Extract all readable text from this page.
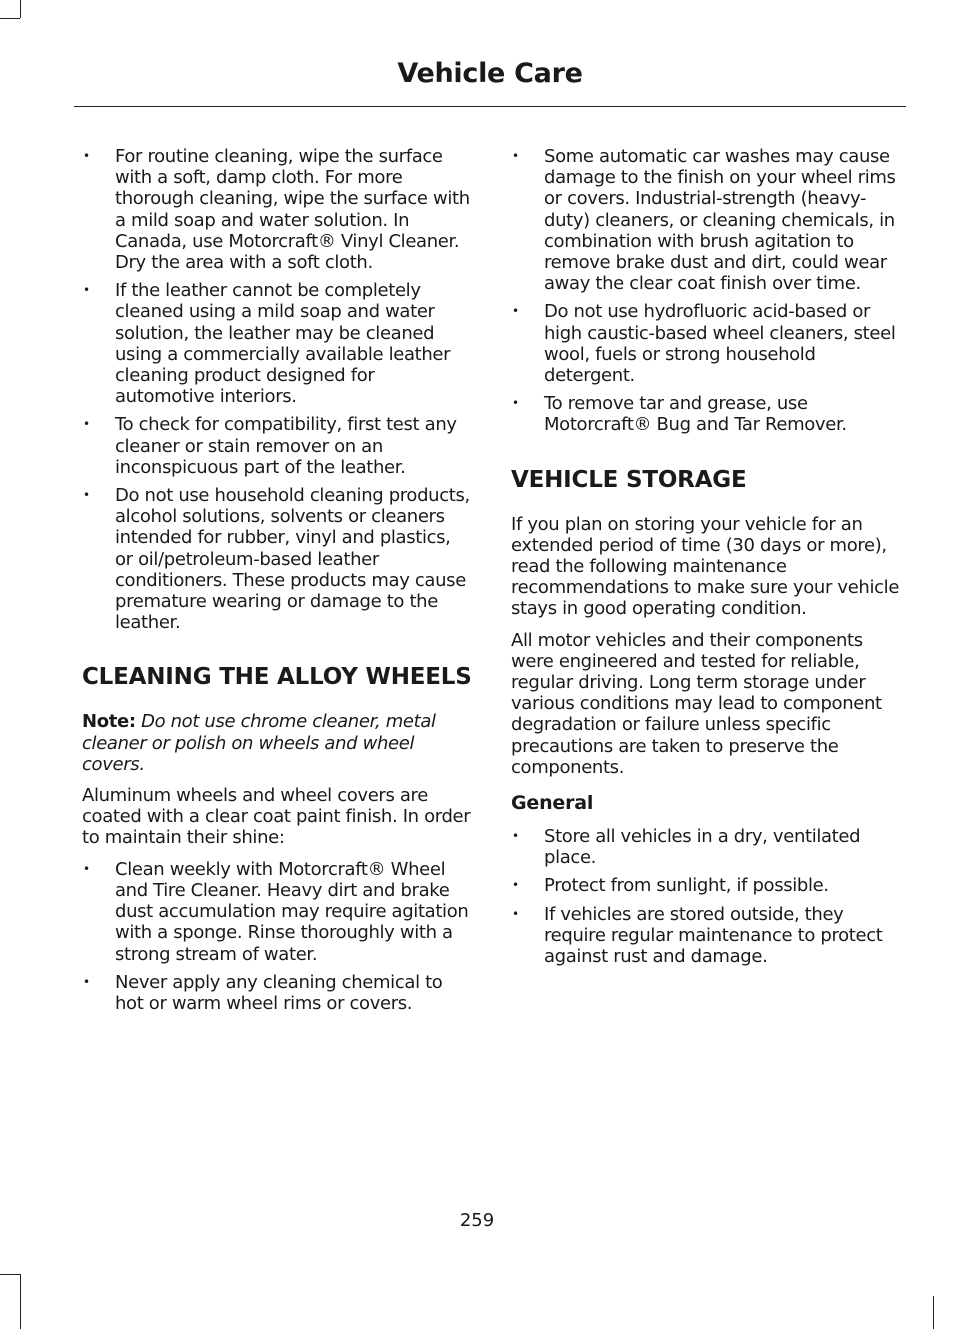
Vehicle Care
• For routine cleaning, wipe the surface with a soft, damp cloth. For more thorough cleaning, wipe the surface with a mild soap and water solution. In Canada, use Motorcraft® Vinyl Cleaner. Dry the area with a soft cloth.
• If the leather cannot be completely cleaned using a mild soap and water solution, the leather may be cleaned using a commercially available leather cleaning product designed for automotive interiors.
• To check for compatibility, first test any cleaner or stain remover on an inconspicuous part of the leather.
• Do not use household cleaning products, alcohol solutions, solvents or cleaners intended for rubber, vinyl and plastics, or oil/petroleum-based leather conditioners. These products may cause premature wearing or damage to the leather.
CLEANING THE ALLOY WHEELS

Note: Do not use chrome cleaner, metal cleaner or polish on wheels and wheel covers.

Aluminum wheels and wheel covers are coated with a clear coat paint finish. In order to maintain their shine:

• Clean weekly with Motorcraft® Wheel and Tire Cleaner. Heavy dirt and brake dust accumulation may require agitation with a sponge. Rinse thoroughly with a strong stream of water.
• Never apply any cleaning chemical to hot or warm wheel rims or covers.
• Some automatic car washes may cause damage to the finish on your wheel rims or covers. Industrial-strength (heavy-duty) cleaners, or cleaning chemicals, in combination with brush agitation to remove brake dust and dirt, could wear away the clear coat finish over time.
• Do not use hydrofluoric acid-based or high caustic-based wheel cleaners, steel wool, fuels or strong household detergent.
• To remove tar and grease, use Motorcraft® Bug and Tar Remover.
VEHICLE STORAGE

If you plan on storing your vehicle for an extended period of time (30 days or more), read the following maintenance recommendations to make sure your vehicle stays in good operating condition.

All motor vehicles and their components were engineered and tested for reliable, regular driving. Long term storage under various conditions may lead to component degradation or failure unless specific precautions are taken to preserve the components.

General
• Store all vehicles in a dry, ventilated place.
• Protect from sunlight, if possible.
• If vehicles are stored outside, they require regular maintenance to protect against rust and damage.
259
